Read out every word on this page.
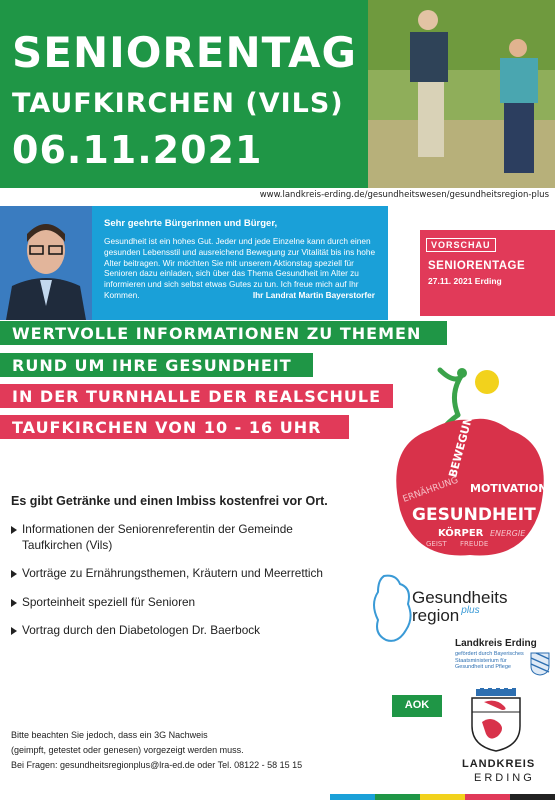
SENIORENTAG
TAUFKIRCHEN (VILS)
06.11.2021
www.landkreis-erding.de/gesundheitswesen/gesundheitsregion-plus
Sehr geehrte Bürgerinnen und Bürger,
Gesundheit ist ein hohes Gut. Jeder und jede Einzelne kann durch einen gesunden Lebensstil und ausreichend Bewegung zur Vitalität bis ins hohe Alter beitragen. Wir möchten Sie mit unserem Aktionstag speziell für Senioren dazu einladen, sich über das Thema Gesundheit im Alter zu informieren und sich selbst etwas Gutes zu tun. Ich freue mich auf Ihr Kommen.	Ihr Landrat Martin Bayerstorfer
VORSCHAU
SENIORENTAGE
27.11. 2021 Erding
WERTVOLLE INFORMATIONEN ZU THEMEN
RUND UM IHRE GESUNDHEIT
IN DER TURNHALLE DER REALSCHULE
TAUFKIRCHEN VON 10 - 16 UHR	BEWEGUNG
ERNÄHRUNG MOTIVATION
GESUNDHEIT
KÖRPER ENERGIE
GEIST FREUDE
Es gibt Getränke und einen Imbiss kostenfrei vor Ort.
Informationen der Seniorenreferentin der Gemeinde Taufkirchen (Vils)
Vorträge zu Ernährungsthemen, Kräutern und Meerrettich
Sporteinheit speziell für Senioren
Vortrag durch den Diabetologen Dr. Baerbock
Gesundheits
region $^{plus}$
Landkreis Erding
gefördert durch Bayerisches Staatsministerium für Gesundheit und Pflege
AOK
LANDKREIS
ERDING
Bitte beachten Sie jedoch, dass ein 3G Nachweis
(geimpft, getestet oder genesen) vorgezeigt werden muss.
Bei Fragen: gesundheitsregionplus@lra-ed.de oder Tel. 08122 - 58 15 15
